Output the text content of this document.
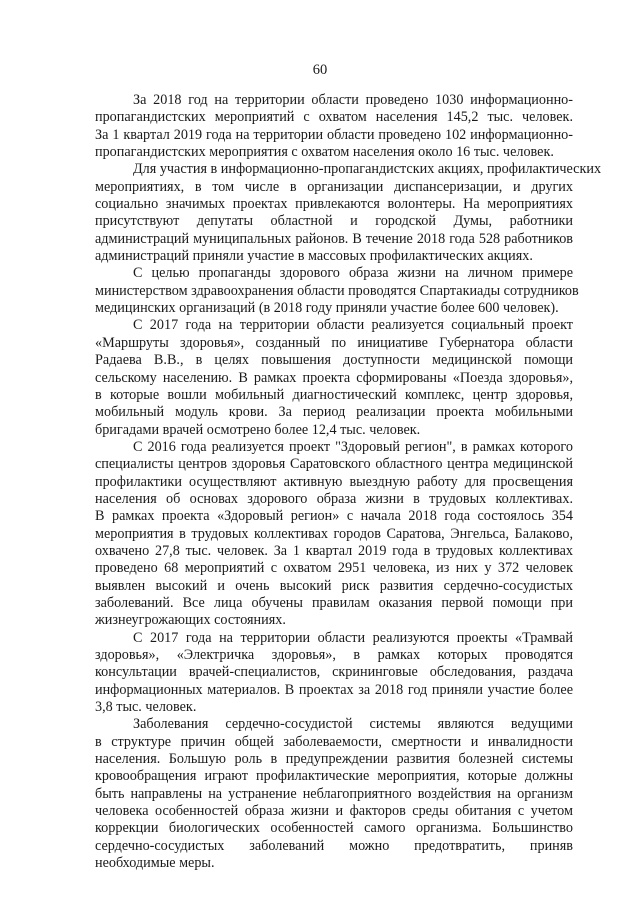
60
За 2018 год на территории области проведено 1030 информационно-
пропагандистских мероприятий с охватом населения 145,2 тыс. человек.
За 1 квартал 2019 года на территории области проведено 102 информационно-
пропагандистских мероприятия с охватом населения около 16 тыс. человек.
Для участия в информационно-пропагандистских акциях, профилактических
мероприятиях, в том числе в организации диспансеризации, и других
социально значимых проектах привлекаются волонтеры. На мероприятиях
присутствуют депутаты областной и городской Думы, работники
администраций муниципальных районов. В течение 2018 года 528 работников
администраций приняли участие в массовых профилактических акциях.
С целью пропаганды здорового образа жизни на личном примере
министерством здравоохранения области проводятся Спартакиады сотрудников
медицинских организаций (в 2018 году приняли участие более 600 человек).
С 2017 года на территории области реализуется социальный проект
«Маршруты здоровья», созданный по инициативе Губернатора области
Радаева В.В., в целях повышения доступности медицинской помощи
сельскому населению. В рамках проекта сформированы «Поезда здоровья»,
в которые вошли мобильный диагностический комплекс, центр здоровья,
мобильный модуль крови. За период реализации проекта мобильными
бригадами врачей осмотрено более 12,4 тыс. человек.
С 2016 года реализуется проект "Здоровый регион", в рамках которого
специалисты центров здоровья Саратовского областного центра медицинской
профилактики осуществляют активную выездную работу для просвещения
населения об основах здорового образа жизни в трудовых коллективах.
В рамках проекта «Здоровый регион» с начала 2018 года состоялось 354
мероприятия в трудовых коллективах городов Саратова, Энгельса, Балаково,
охвачено 27,8 тыс. человек. За 1 квартал 2019 года в трудовых коллективах
проведено 68 мероприятий с охватом 2951 человека, из них у 372 человек
выявлен высокий и очень высокий риск развития сердечно-сосудистых
заболеваний. Все лица обучены правилам оказания первой помощи при
жизнеугрожающих состояниях.
С 2017 года на территории области реализуются проекты «Трамвай
здоровья», «Электричка здоровья», в рамках которых проводятся
консультации врачей-специалистов, скрининговые обследования, раздача
информационных материалов. В проектах за 2018 год приняли участие более
3,8 тыс. человек.
Заболевания сердечно-сосудистой системы являются ведущими
в структуре причин общей заболеваемости, смертности и инвалидности
населения. Большую роль в предупреждении развития болезней системы
кровообращения играют профилактические мероприятия, которые должны
быть направлены на устранение неблагоприятного воздействия на организм
человека особенностей образа жизни и факторов среды обитания с учетом
коррекции биологических особенностей самого организма. Большинство
сердечно-сосудистых заболеваний можно предотвратить, приняв
необходимые меры.
